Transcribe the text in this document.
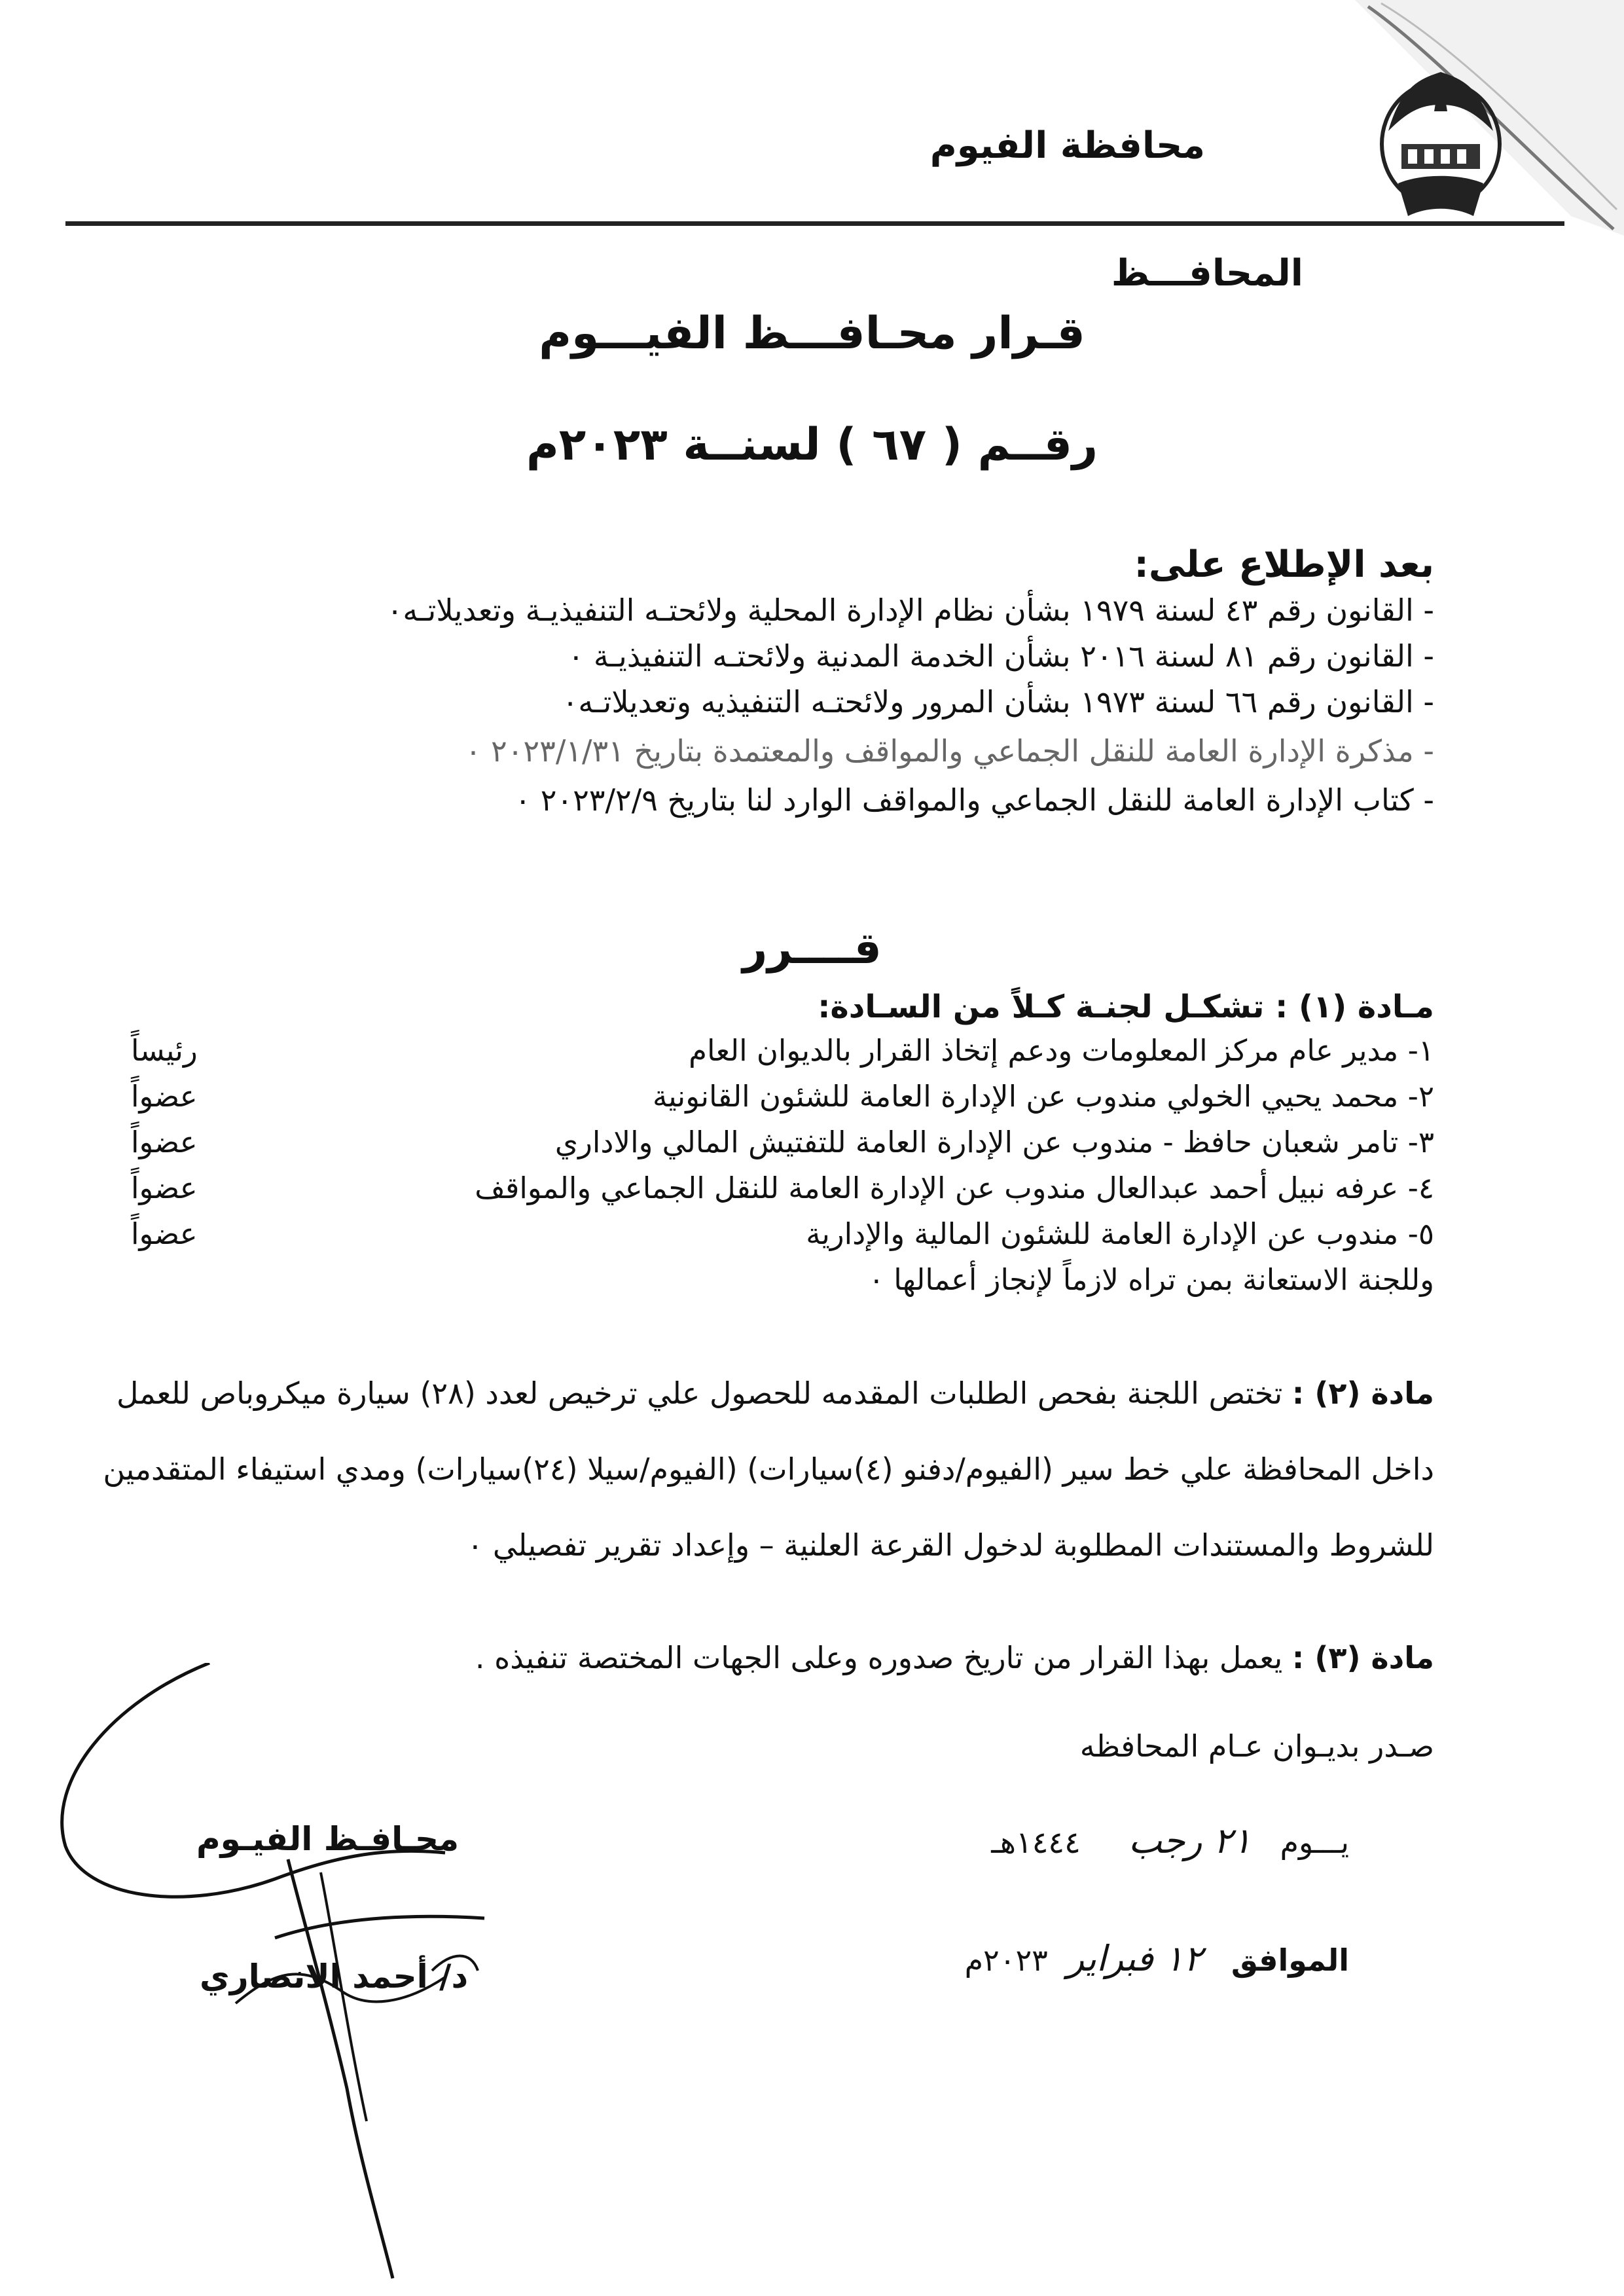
محافظة الفيوم
المحافـــظ
قـرار محـافـــظ الفيـــوم
رقــم ( ٦٧ ) لسنــة ٢٠٢٣م
بعد الإطلاع على:
- القانون رقم ٤٣ لسنة ١٩٧٩ بشأن نظام الإدارة المحلية ولائحتـه التنفيذيـة وتعديلاتـه٠
- القانون رقم ٨١ لسنة ٢٠١٦ بشأن الخدمة المدنية ولائحتـه التنفيذيـة ٠
- القانون رقم ٦٦ لسنة ١٩٧٣ بشأن المرور ولائحتـه التنفيذيه وتعديلاتـه٠
- مذكرة الإدارة العامة للنقل الجماعي والمواقف والمعتمدة بتاريخ ٢٠٢٣/١/٣١ ٠
- كتاب الإدارة العامة للنقل الجماعي والمواقف الوارد لنا بتاريخ ٢٠٢٣/٢/٩ ٠
قــــرر
مـادة (١) : تشكـل لجنـة كـلاً من السـادة:
١- مدير عام مركز المعلومات ودعم إتخاذ القرار بالديوان العام
رئيساً
٢- محمد يحيي الخولي مندوب عن الإدارة العامة للشئون القانونية
عضواً
٣- تامر شعبان حافظ - مندوب عن الإدارة العامة للتفتيش المالي والاداري
عضواً
٤- عرفه نبيل أحمد عبدالعال مندوب عن الإدارة العامة للنقل الجماعي والمواقف
عضواً
٥- مندوب عن الإدارة العامة للشئون المالية والإدارية
عضواً
وللجنة الاستعانة بمن تراه لازماً لإنجاز أعمالها ٠
مادة (٢) : تختص اللجنة بفحص الطلبات المقدمه للحصول علي ترخيص لعدد (٢٨) سيارة ميكروباص للعمل داخل المحافظة علي خط سير (الفيوم/دفنو (٤)سيارات) (الفيوم/سيلا (٢٤)سيارات) ومدي استيفاء المتقدمين للشروط والمستندات المطلوبة لدخول القرعة العلنية – وإعداد تقرير تفصيلي ٠
مادة (٣) : يعمل بهذا القرار من تاريخ صدوره وعلى الجهات المختصة تنفيذه .
صـدر بديـوان عـام المحافظه
يـــوم   ٢١ رجب     ١٤٤٤هـ
الموافق   ١٢ فبراير  ٢٠٢٣م
محـافـظ الفيـوم
د/ أحمد الانصاري
